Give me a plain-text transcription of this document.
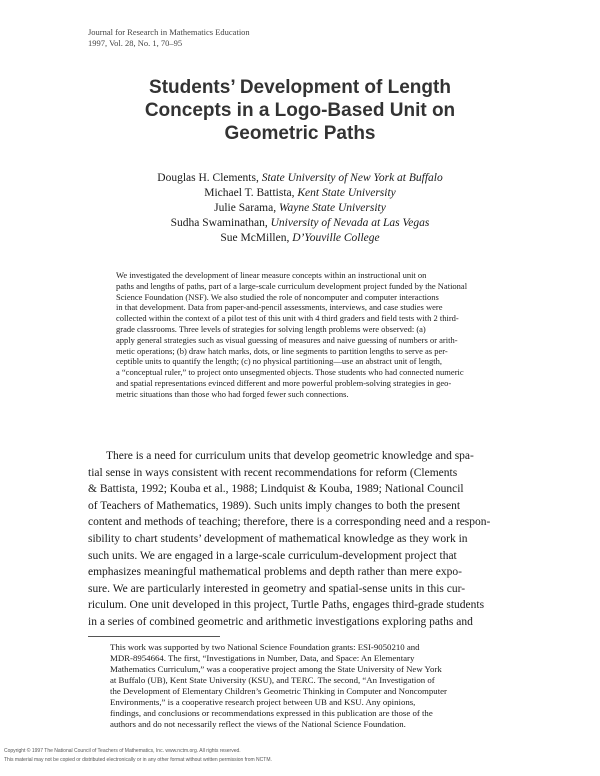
Journal for Research in Mathematics Education
1997, Vol. 28, No. 1, 70–95
Students’ Development of Length
Concepts in a Logo-Based Unit on
Geometric Paths
Douglas H. Clements, State University of New York at Buffalo
Michael T. Battista, Kent State University
Julie Sarama, Wayne State University
Sudha Swaminathan, University of Nevada at Las Vegas
Sue McMillen, D’Youville College
We investigated the development of linear measure concepts within an instructional unit on
paths and lengths of paths, part of a large-scale curriculum development project funded by the National
Science Foundation (NSF). We also studied the role of noncomputer and computer interactions
in that development. Data from paper-and-pencil assessments, interviews, and case studies were
collected within the context of a pilot test of this unit with 4 third graders and field tests with 2 third-
grade classrooms. Three levels of strategies for solving length problems were observed: (a)
apply general strategies such as visual guessing of measures and naive guessing of numbers or arith-
metic operations; (b) draw hatch marks, dots, or line segments to partition lengths to serve as per-
ceptible units to quantify the length; (c) no physical partitioning—use an abstract unit of length,
a “conceptual ruler,” to project onto unsegmented objects. Those students who had connected numeric
and spatial representations evinced different and more powerful problem-solving strategies in geo-
metric situations than those who had forged fewer such connections.
There is a need for curriculum units that develop geometric knowledge and spa-
tial sense in ways consistent with recent recommendations for reform (Clements
& Battista, 1992; Kouba et al., 1988; Lindquist & Kouba, 1989; National Council
of Teachers of Mathematics, 1989). Such units imply changes to both the present
content and methods of teaching; therefore, there is a corresponding need and a respon-
sibility to chart students’ development of mathematical knowledge as they work in
such units. We are engaged in a large-scale curriculum-development project that
emphasizes meaningful mathematical problems and depth rather than mere expo-
sure. We are particularly interested in geometry and spatial-sense units in this cur-
riculum. One unit developed in this project, Turtle Paths, engages third-grade students
in a series of combined geometric and arithmetic investigations exploring paths and
This work was supported by two National Science Foundation grants: ESI-9050210 and
MDR-8954664. The first, “Investigations in Number, Data, and Space: An Elementary
Mathematics Curriculum,” was a cooperative project among the State University of New York
at Buffalo (UB), Kent State University (KSU), and TERC. The second, “An Investigation of
the Development of Elementary Children’s Geometric Thinking in Computer and Noncomputer
Environments,” is a cooperative research project between UB and KSU. Any opinions,
findings, and conclusions or recommendations expressed in this publication are those of the
authors and do not necessarily reflect the views of the National Science Foundation.
Copyright © 1997 The National Council of Teachers of Mathematics, Inc. www.nctm.org. All rights reserved.
This material may not be copied or distributed electronically or in any other format without written permission from NCTM.
